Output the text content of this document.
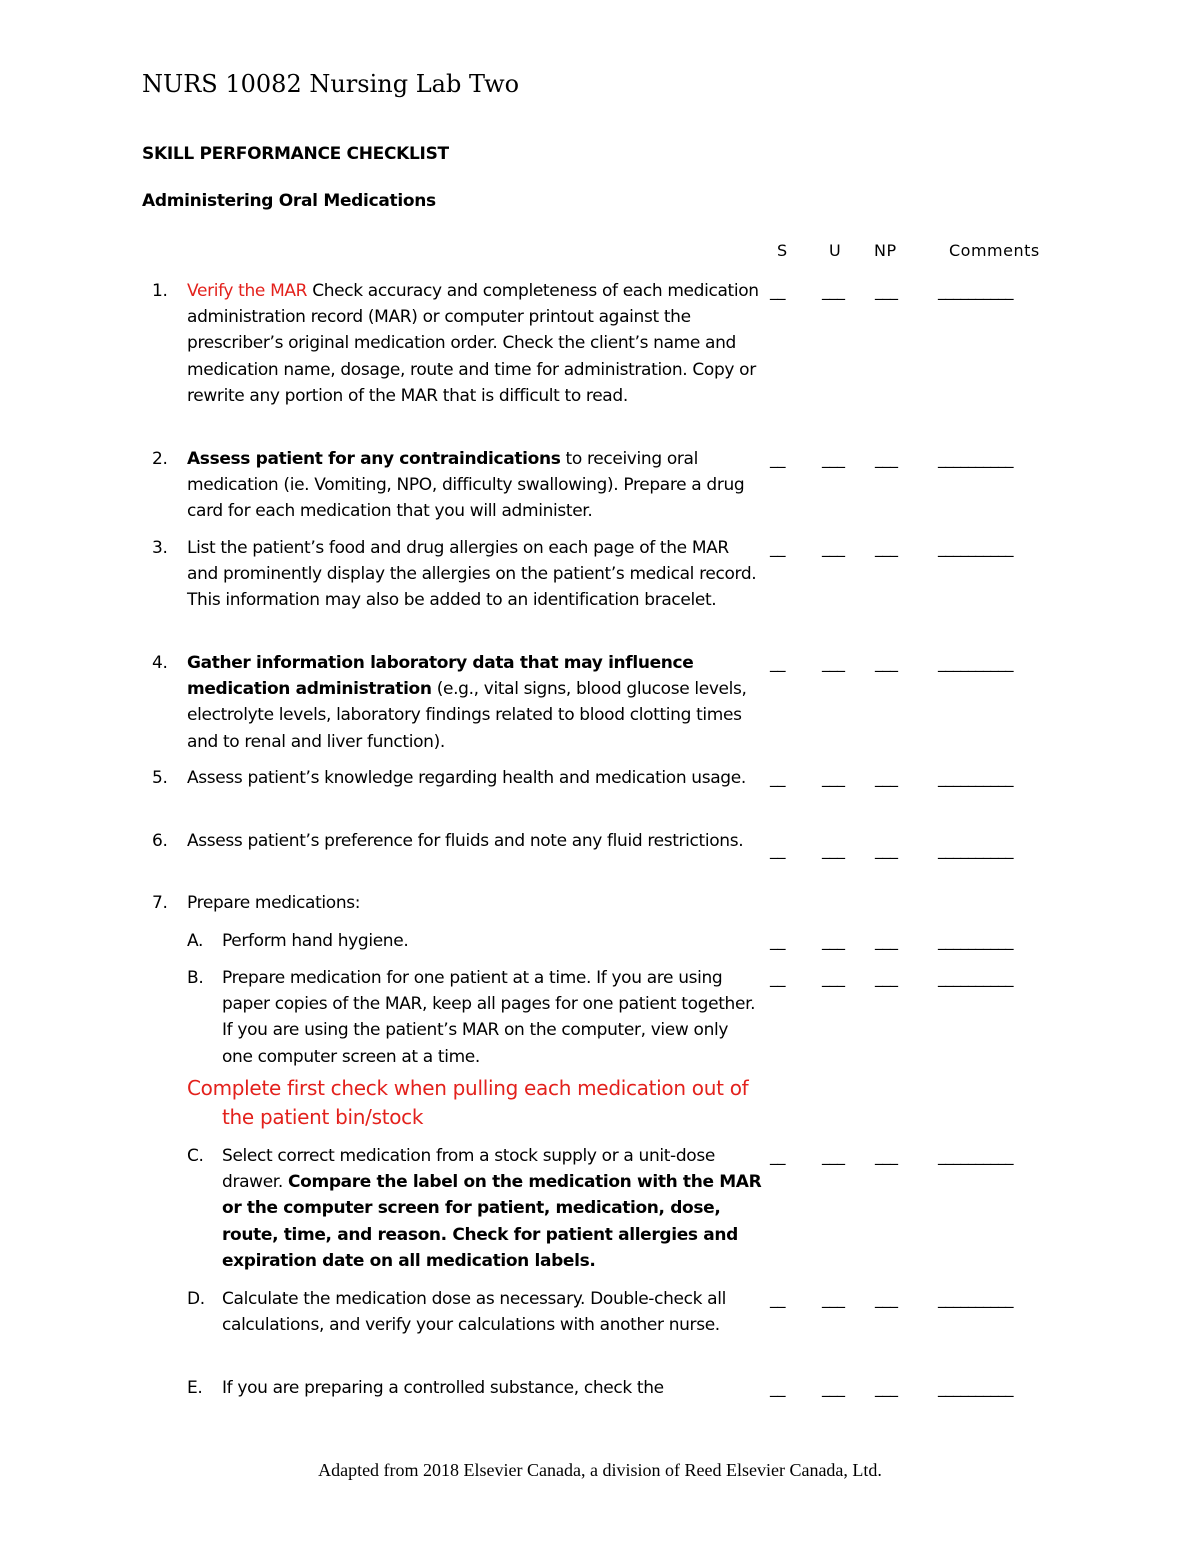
NURS 10082 Nursing Lab Two
SKILL PERFORMANCE CHECKLIST
Administering Oral Medications
S	U NP	Comments
1. Verify the MAR Check accuracy and completeness of each medication administration record (MAR) or computer printout against the prescriber’s original medication order. Check the client’s name and medication name, dosage, route and time for administration. Copy or rewrite any portion of the MAR that is difficult to read.

__ ___ ___	__________

2. Assess patient for any contraindications to receiving oral medication (ie. Vomiting, NPO, difficulty swallowing). Prepare a drug card for each medication that you will administer.

__ ___ ___	__________

3. List the patient’s food and drug allergies on each page of the MAR and prominently display the allergies on the patient’s medical record. This information may also be added to an identification bracelet.

__ ___ ___	__________

4. Gather information laboratory data that may influence medication administration (e.g., vital signs, blood glucose levels, electrolyte levels, laboratory findings related to blood clotting times and to renal and liver function).

__ ___ ___	__________

5. Assess patient’s knowledge regarding health and medication usage.

	__ ___ ___	__________

6. Assess patient’s preference for fluids and note any fluid restrictions.

	__ ___ ___	__________

7. Prepare medications:
A. Perform hand hygiene.

	__ ___ ___	__________

B. Prepare medication for one patient at a time. If you are using paper copies of the MAR, keep all pages for one patient together. If you are using the patient’s MAR on the computer, view only one computer screen at a time.

__ ___ ___	__________

Complete first check when pulling each medication out of
the patient bin/stock
C. Select correct medication from a stock supply or a unit-dose drawer. Compare the label on the medication with the MAR or the computer screen for patient, medication, dose, route, time, and reason. Check for patient allergies and expiration date on all medication labels.

__ ___ ___	__________

D. Calculate the medication dose as necessary. Double-check all calculations, and verify your calculations with another nurse.

__ ___ ___	__________

E. If you are preparing a controlled substance, check the

	__ ___ ___	__________

Adapted from 2018 Elsevier Canada, a division of Reed Elsevier Canada, Ltd.
